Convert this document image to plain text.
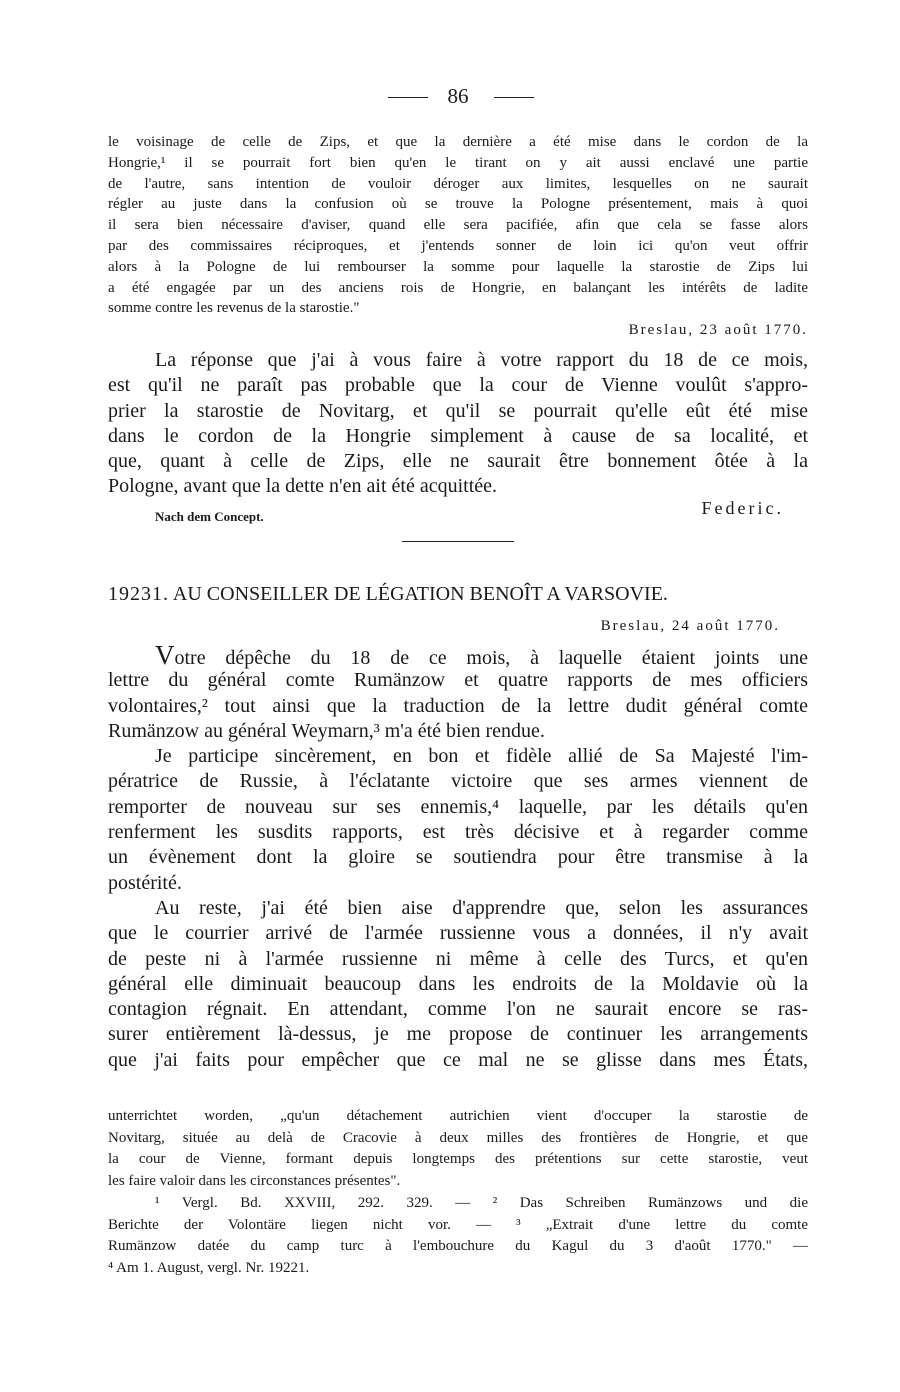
86
le voisinage de celle de Zips, et que la dernière a été mise dans le cordon de la
Hongrie,¹ il se pourrait fort bien qu'en le tirant on y ait aussi enclavé une partie
de l'autre, sans intention de vouloir déroger aux limites, lesquelles on ne saurait
régler au juste dans la confusion où se trouve la Pologne présentement, mais à quoi
il sera bien nécessaire d'aviser, quand elle sera pacifiée, afin que cela se fasse alors
par des commissaires réciproques, et j'entends sonner de loin ici qu'on veut offrir
alors à la Pologne de lui rembourser la somme pour laquelle la starostie de Zips lui
a été engagée par un des anciens rois de Hongrie, en balançant les intérêts de ladite
somme contre les revenus de la starostie."
Breslau, 23 août 1770.
La réponse que j'ai à vous faire à votre rapport du 18 de ce mois,
est qu'il ne paraît pas probable que la cour de Vienne voulût s'appro-
prier la starostie de Novitarg, et qu'il se pourrait qu'elle eût été mise
dans le cordon de la Hongrie simplement à cause de sa localité, et
que, quant à celle de Zips, elle ne saurait être bonnement ôtée à la
Pologne, avant que la dette n'en ait été acquittée.
Nach dem Concept.	Federic.
19231. AU CONSEILLER DE LÉGATION BENOÎT A VARSOVIE.
Breslau, 24 août 1770.
Votre dépêche du 18 de ce mois, à laquelle étaient joints une
lettre du général comte Rumänzow et quatre rapports de mes officiers
volontaires,² tout ainsi que la traduction de la lettre dudit général comte
Rumänzow au général Weymarn,³ m'a été bien rendue.
Je participe sincèrement, en bon et fidèle allié de Sa Majesté l'im-
pératrice de Russie, à l'éclatante victoire que ses armes viennent de
remporter de nouveau sur ses ennemis,⁴ laquelle, par les détails qu'en
renferment les susdits rapports, est très décisive et à regarder comme
un évènement dont la gloire se soutiendra pour être transmise à la
postérité.
Au reste, j'ai été bien aise d'apprendre que, selon les assurances
que le courrier arrivé de l'armée russienne vous a données, il n'y avait
de peste ni à l'armée russienne ni même à celle des Turcs, et qu'en
général elle diminuait beaucoup dans les endroits de la Moldavie où la
contagion régnait. En attendant, comme l'on ne saurait encore se ras-
surer entièrement là-dessus, je me propose de continuer les arrangements
que j'ai faits pour empêcher que ce mal ne se glisse dans mes États,
unterrichtet worden, „qu'un détachement autrichien vient d'occuper la starostie de
Novitarg, située au delà de Cracovie à deux milles des frontières de Hongrie, et que
la cour de Vienne, formant depuis longtemps des prétentions sur cette starostie, veut
les faire valoir dans les circonstances présentes".
¹ Vergl. Bd. XXVIII, 292. 329. — ² Das Schreiben Rumänzows und die
Berichte der Volontäre liegen nicht vor. — ³ „Extrait d'une lettre du comte
Rumänzow datée du camp turc à l'embouchure du Kagul du 3 d'août 1770." —
⁴ Am 1. August, vergl. Nr. 19221.
